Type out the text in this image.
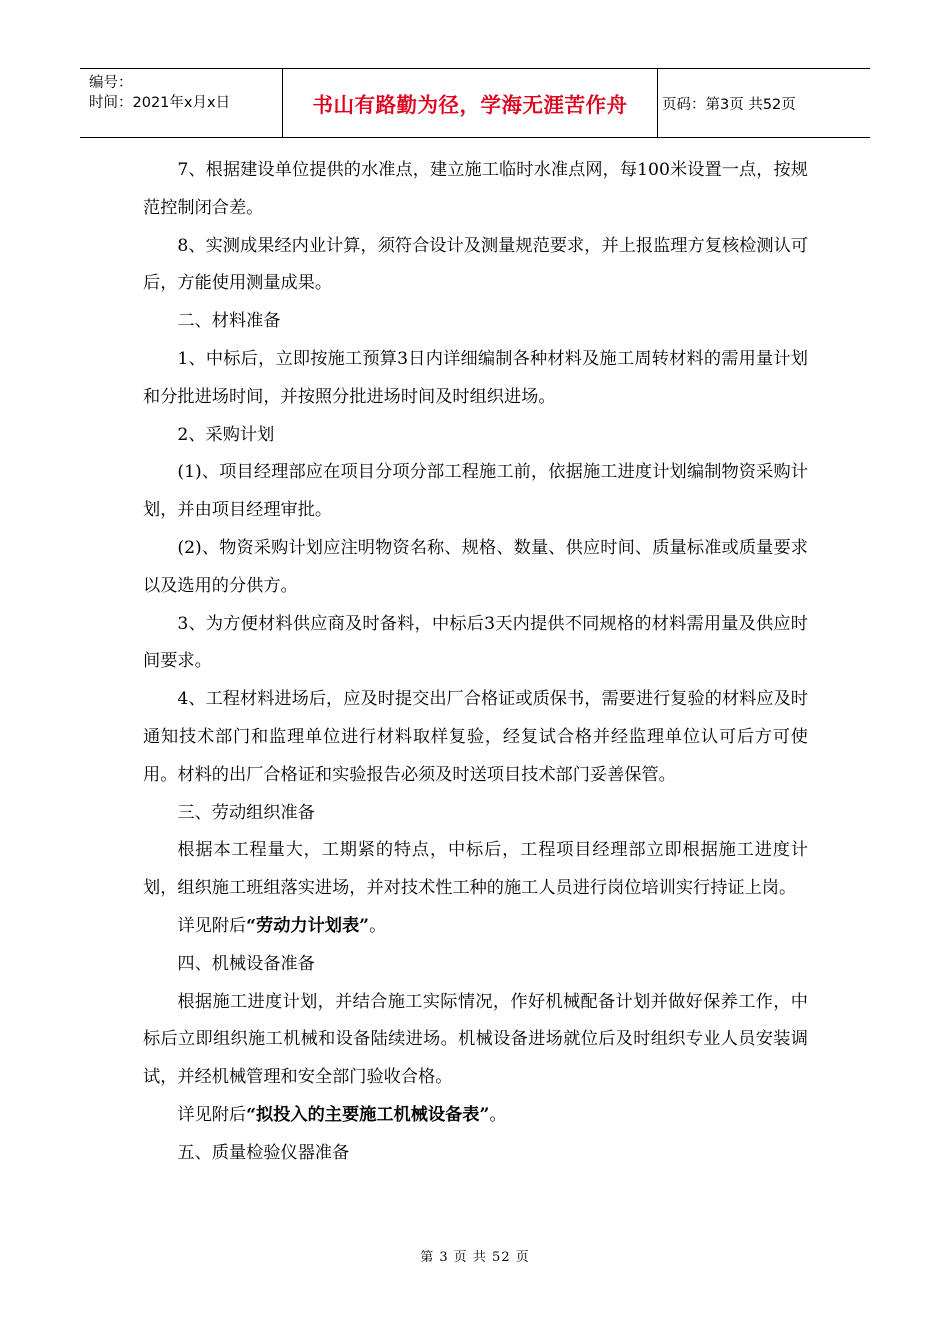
编号：
时间：2021年x月x日	书山有路勤为径，学海无涯苦作舟	页码：第3页 共52页

7、根据建设单位提供的水准点，建立施工临时水准点网，每100米设置一点，按规范控制闭合差。

8、实测成果经内业计算，须符合设计及测量规范要求，并上报监理方复核检测认可后，方能使用测量成果。

二、材料准备

1、中标后，立即按施工预算3日内详细编制各种材料及施工周转材料的需用量计划和分批进场时间，并按照分批进场时间及时组织进场。

2、采购计划

(1)、项目经理部应在项目分项分部工程施工前，依据施工进度计划编制物资采购计划，并由项目经理审批。

(2)、物资采购计划应注明物资名称、规格、数量、供应时间、质量标准或质量要求以及选用的分供方。

3、为方便材料供应商及时备料，中标后3天内提供不同规格的材料需用量及供应时间要求。

4、工程材料进场后，应及时提交出厂合格证或质保书，需要进行复验的材料应及时通知技术部门和监理单位进行材料取样复验，经复试合格并经监理单位认可后方可使用。材料的出厂合格证和实验报告必须及时送项目技术部门妥善保管。

三、劳动组织准备

根据本工程量大，工期紧的特点，中标后，工程项目经理部立即根据施工进度计划，组织施工班组落实进场，并对技术性工种的施工人员进行岗位培训实行持证上岗。

详见附后“劳动力计划表”。

四、机械设备准备

根据施工进度计划，并结合施工实际情况，作好机械配备计划并做好保养工作，中标后立即组织施工机械和设备陆续进场。机械设备进场就位后及时组织专业人员安装调试，并经机械管理和安全部门验收合格。

详见附后“拟投入的主要施工机械设备表”。

五、质量检验仪器准备

第 3 页 共 52 页
